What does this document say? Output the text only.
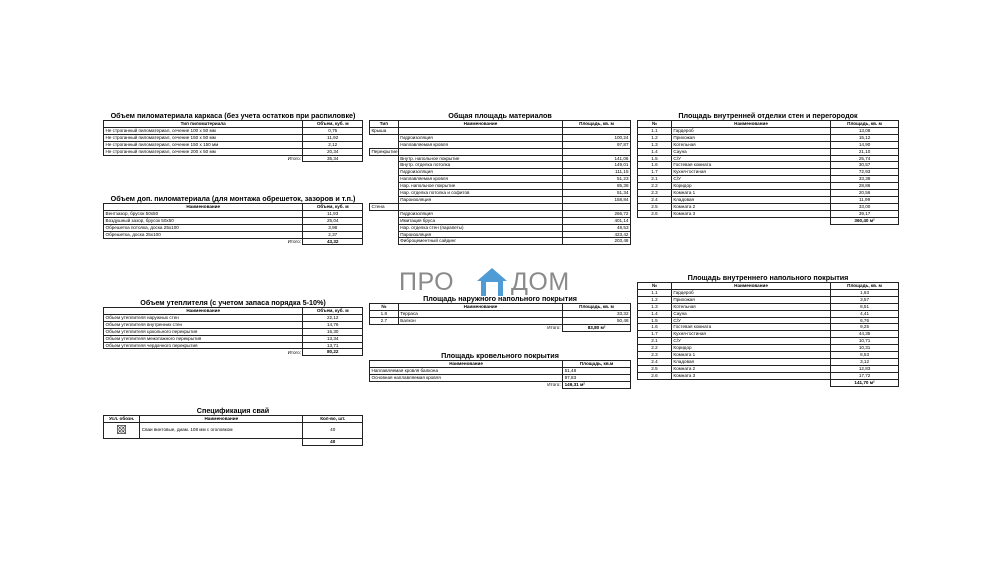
Объем пиломатериала каркаса (без учета остатков при распиловке)
Тип пиломатериала	Объем, куб. м
Не строганный пиломатериал, сечение 100 х 50 мм	0,75
Не строганный пиломатериал, сечение 150 х 50 мм	11,92
Не строганный пиломатериал, сечение 150 х 150 мм	2,12
Не строганный пиломатериал, сечение 200 х 50 мм	20,34
Итого:	35,34
Объем доп. пиломатериала (для монтажа обрешеток, зазоров и т.п.)
Наименование	Объем, куб. м
Вентзазор, брусок 50х50	11,93
Воздушный зазор, брусок 50х50	25,04
Обрешетка потолка, доска 25х100	3,98
Обрешетка, доска 25х100	2,37
Итого:	43,32
Объем утеплителя (с учетом запаса порядка 5-10%)
Наименование	Объем, куб. м
Объем утеплителя наружных стен	22,12
Объем утеплителя внутренних стен	14,76
Объем утеплителя цокольного перекрытия	16,30
Объем утеплителя межэтажного перекрытия	13,34
Объем утеплителя чердачного перекрытия	13,71
Итого:	80,22
Спецификация свай
Усл. обозн.	Наименование	Кол-во, шт.
	Сваи винтовые, диам. 108 мм с оголовком	40
		40
Общая площадь материалов
Тип	Наименование	Площадь, кв. м
Крыша		
	Гидроизоляция	100,24
	Наплавляемая кровля	97,87
Перекрытие		
	Внутр. напольное покрытие	141,06
	Внутр. отделка потолка	149,01
	Гидроизоляция	111,15
	Наплавляемая кровля	51,23
	Нар. напольное покрытие	85,38
	Нар. отделка потолка и софитов	51,34
	Пароизоляция	158,84
Стена		
	Гидроизоляция	266,72
	Имитация бруса	401,14
	Нар. отделка стен (парапеты)	48,53
	Пароизоляция	423,42
	Фиброцементный сайдинг	203,48
ПРО ДОМ
Площадь наружного напольного покрытия
№	Наименование	Площадь, кв. м
1.8	Терраса	33,32
2.7	Балкон	50,48
	Итого:	83,80 м²
Площадь кровельного покрытия
Наименование	Площадь, кв.м
Наплавляемая кровля балкона	51,48
Основная наплавляемая кровля	97,83
Итого:	149,31 м²
Площадь внутренней отделки стен и перегородок
№	Наименование	Площадь, кв. м
1.1	Гардероб	13,08
1.2	Прихожая	15,12
1.3	Котельная	14,90
1.4	Сауна	21,10
1.5	С/У	25,74
1.6	Гостевая комната	30,57
1.7	Кухня-гостиная	72,93
2.1	С/У	33,38
2.2	Коридор	28,86
2.3	Комната 1	20,56
2.4	Кладовая	11,99
2.5	Комната 2	33,00
2.6	Комната 3	39,17
		360,40 м²
Площадь внутреннего напольного покрытия
№	Наименование	Площадь, кв. м
1.1	Гардероб	1,63
1.2	Прихожая	3,57
1.3	Котельная	8,51
1.4	Сауна	4,41
1.5	С/У	6,76
1.6	Гостевая комната	9,25
1.7	Кухня-гостиная	44,35
2.1	С/У	10,71
2.2	Коридор	10,31
2.3	Комната 1	8,53
2.4	Кладовая	3,12
2.5	Комната 2	12,83
2.6	Комната 3	17,72
		141,70 м²
